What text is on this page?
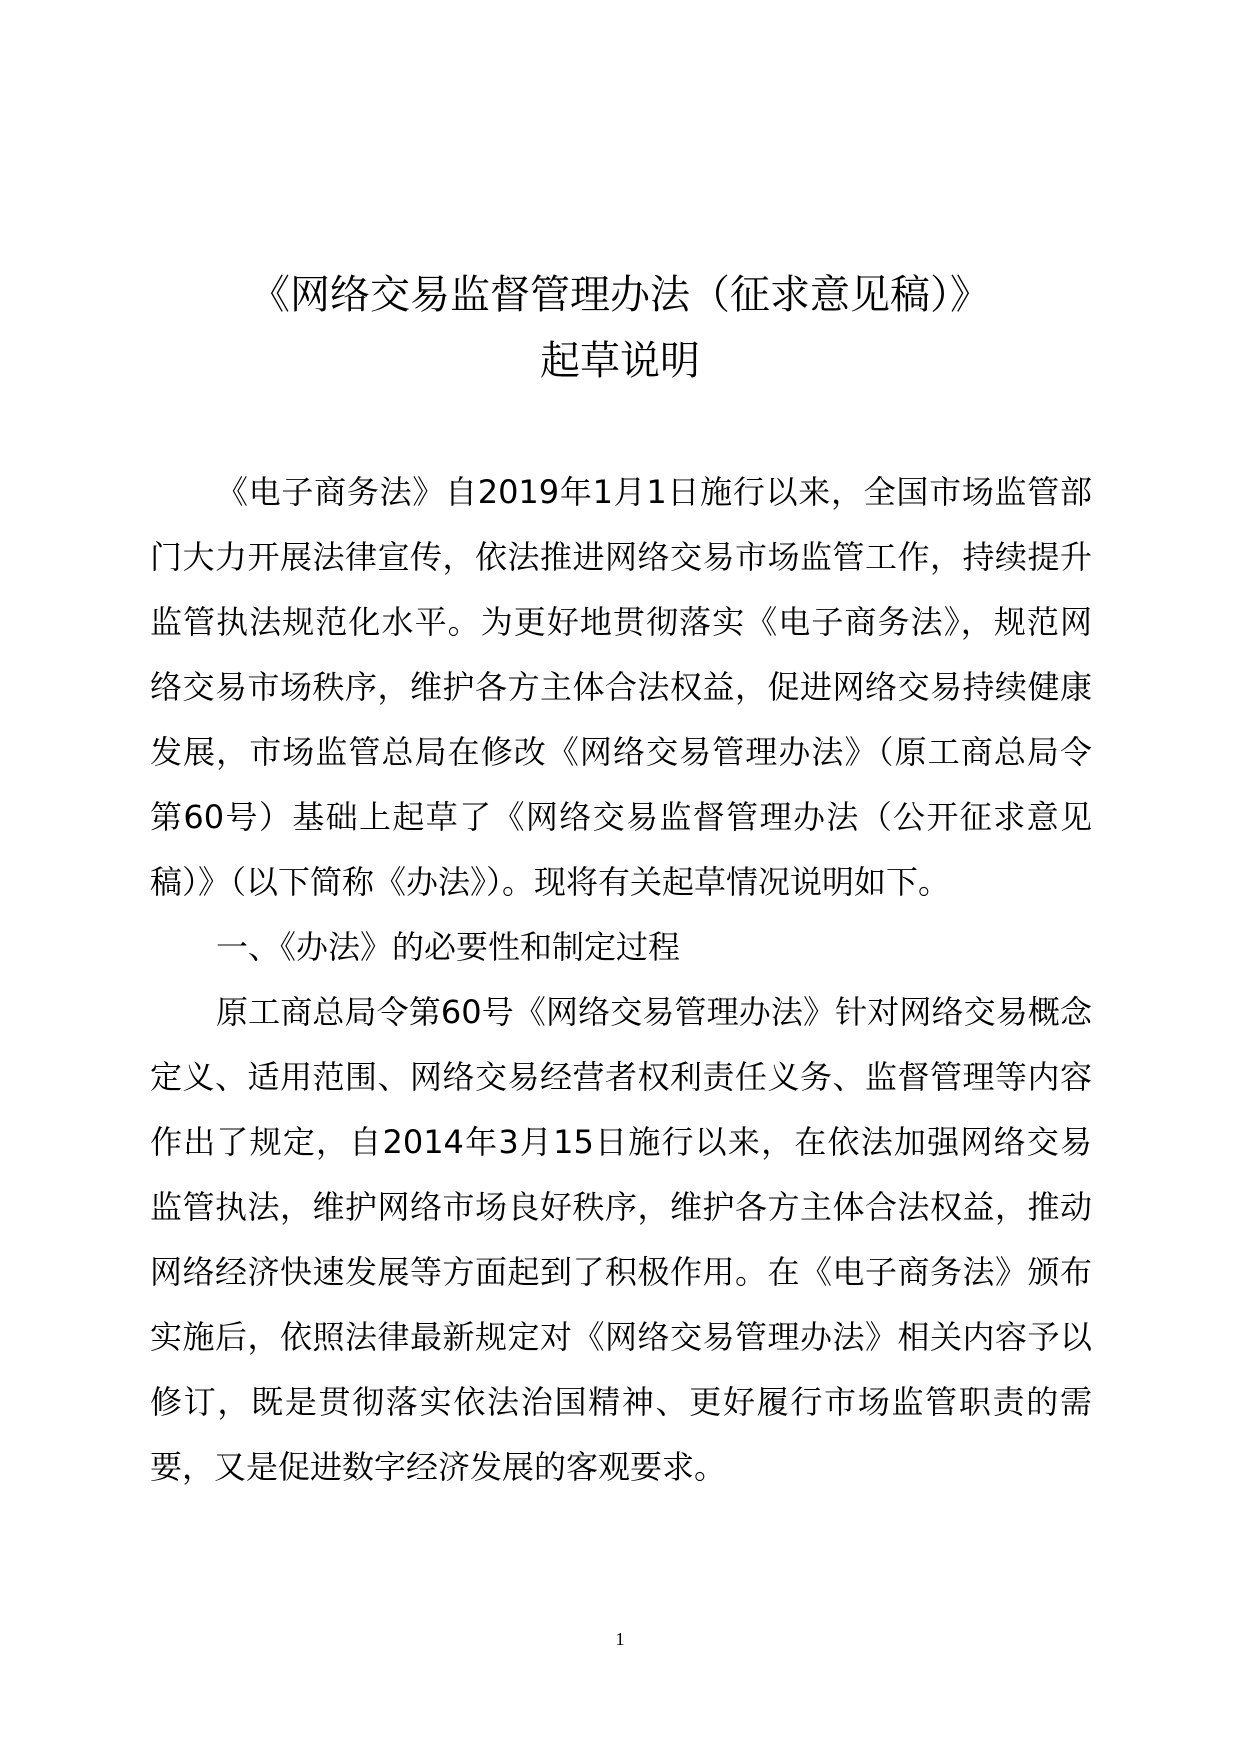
《网络交易监督管理办法（征求意见稿）》
起草说明

《电子商务法》自2019年1月1日施行以来，全国市场监管部门大力开展法律宣传，依法推进网络交易市场监管工作，持续提升监管执法规范化水平。为更好地贯彻落实《电子商务法》，规范网络交易市场秩序，维护各方主体合法权益，促进网络交易持续健康发展，市场监管总局在修改《网络交易管理办法》（原工商总局令第60号）基础上起草了《网络交易监督管理办法（公开征求意见稿）》（以下简称《办法》）。现将有关起草情况说明如下。

一、《办法》的必要性和制定过程

原工商总局令第60号《网络交易管理办法》针对网络交易概念定义、适用范围、网络交易经营者权利责任义务、监督管理等内容作出了规定，自2014年3月15日施行以来，在依法加强网络交易监管执法，维护网络市场良好秩序，维护各方主体合法权益，推动网络经济快速发展等方面起到了积极作用。在《电子商务法》颁布实施后，依照法律最新规定对《网络交易管理办法》相关内容予以修订，既是贯彻落实依法治国精神、更好履行市场监管职责的需要，又是促进数字经济发展的客观要求。

1
